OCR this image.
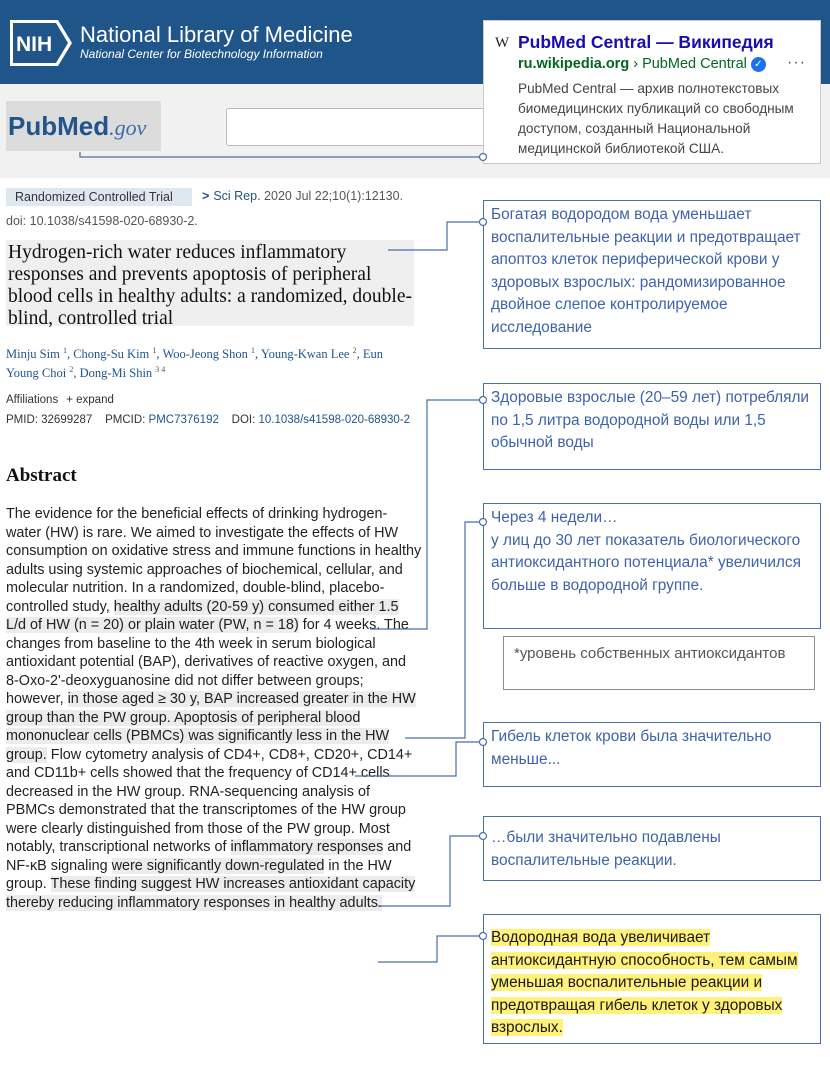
NIH National Library of Medicine
National Center for Biotechnology Information
PubMed.gov
W PubMed Central — Википедия
ru.wikipedia.org › PubMed Central ✓ ···
PubMed Central — архив полнотекстовых биомедицинских публикаций со свободным доступом, созданный Национальной медицинской библиотекой США.
Randomized Controlled Trial	> Sci Rep. 2020 Jul 22;10(1):12130.
doi: 10.1038/s41598-020-68930-2.
Hydrogen-rich water reduces inflammatory responses and prevents apoptosis of peripheral blood cells in healthy adults: a randomized, double-blind, controlled trial
Minju Sim $^1$, Chong-Su Kim $^1$, Woo-Jeong Shon $^1$, Young-Kwan Lee $^2$, Eun Young Choi $^2$, Dong-Mi Shin $^{3 4}$
Affiliations + expand
PMID: 32699287 PMCID: PMC7376192 DOI: 10.1038/s41598-020-68930-2
Abstract
The evidence for the beneficial effects of drinking hydrogen-water (HW) is rare. We aimed to investigate the effects of HW consumption on oxidative stress and immune functions in healthy adults using systemic approaches of biochemical, cellular, and molecular nutrition. In a randomized, double-blind, placebo-controlled study, healthy adults (20-59 y) consumed either 1.5 L/d of HW (n = 20) or plain water (PW, n = 18) for 4 weeks. The changes from baseline to the 4th week in serum biological antioxidant potential (BAP), derivatives of reactive oxygen, and 8-Oxo-2'-deoxyguanosine did not differ between groups; however, in those aged ≥ 30 y, BAP increased greater in the HW group than the PW group. Apoptosis of peripheral blood mononuclear cells (PBMCs) was significantly less in the HW group. Flow cytometry analysis of CD4+, CD8+, CD20+, CD14+ and CD11b+ cells showed that the frequency of CD14+ cells decreased in the HW group. RNA-sequencing analysis of PBMCs demonstrated that the transcriptomes of the HW group were clearly distinguished from those of the PW group. Most notably, transcriptional networks of inflammatory responses and NF-κB signaling were significantly down-regulated in the HW group. These finding suggest HW increases antioxidant capacity thereby reducing inflammatory responses in healthy adults.
Богатая водородом вода уменьшает воспалительные реакции и предотвращает апоптоз клеток периферической крови у здоровых взрослых: рандомизированное двойное слепое контролируемое исследование
Здоровые взрослые (20–59 лет) потребляли по 1,5 литра водородной воды или 1,5 обычной воды
Через 4 недели…
у лиц до 30 лет показатель биологического антиоксидантного потенциала* увеличился больше в водородной группе.
*уровень собственных антиоксидантов
Гибель клеток крови была значительно меньше...
…были значительно подавлены воспалительные реакции.
Водородная вода увеличивает антиоксидантную способность, тем самым уменьшая воспалительные реакции и предотвращая гибель клеток у здоровых взрослых.
